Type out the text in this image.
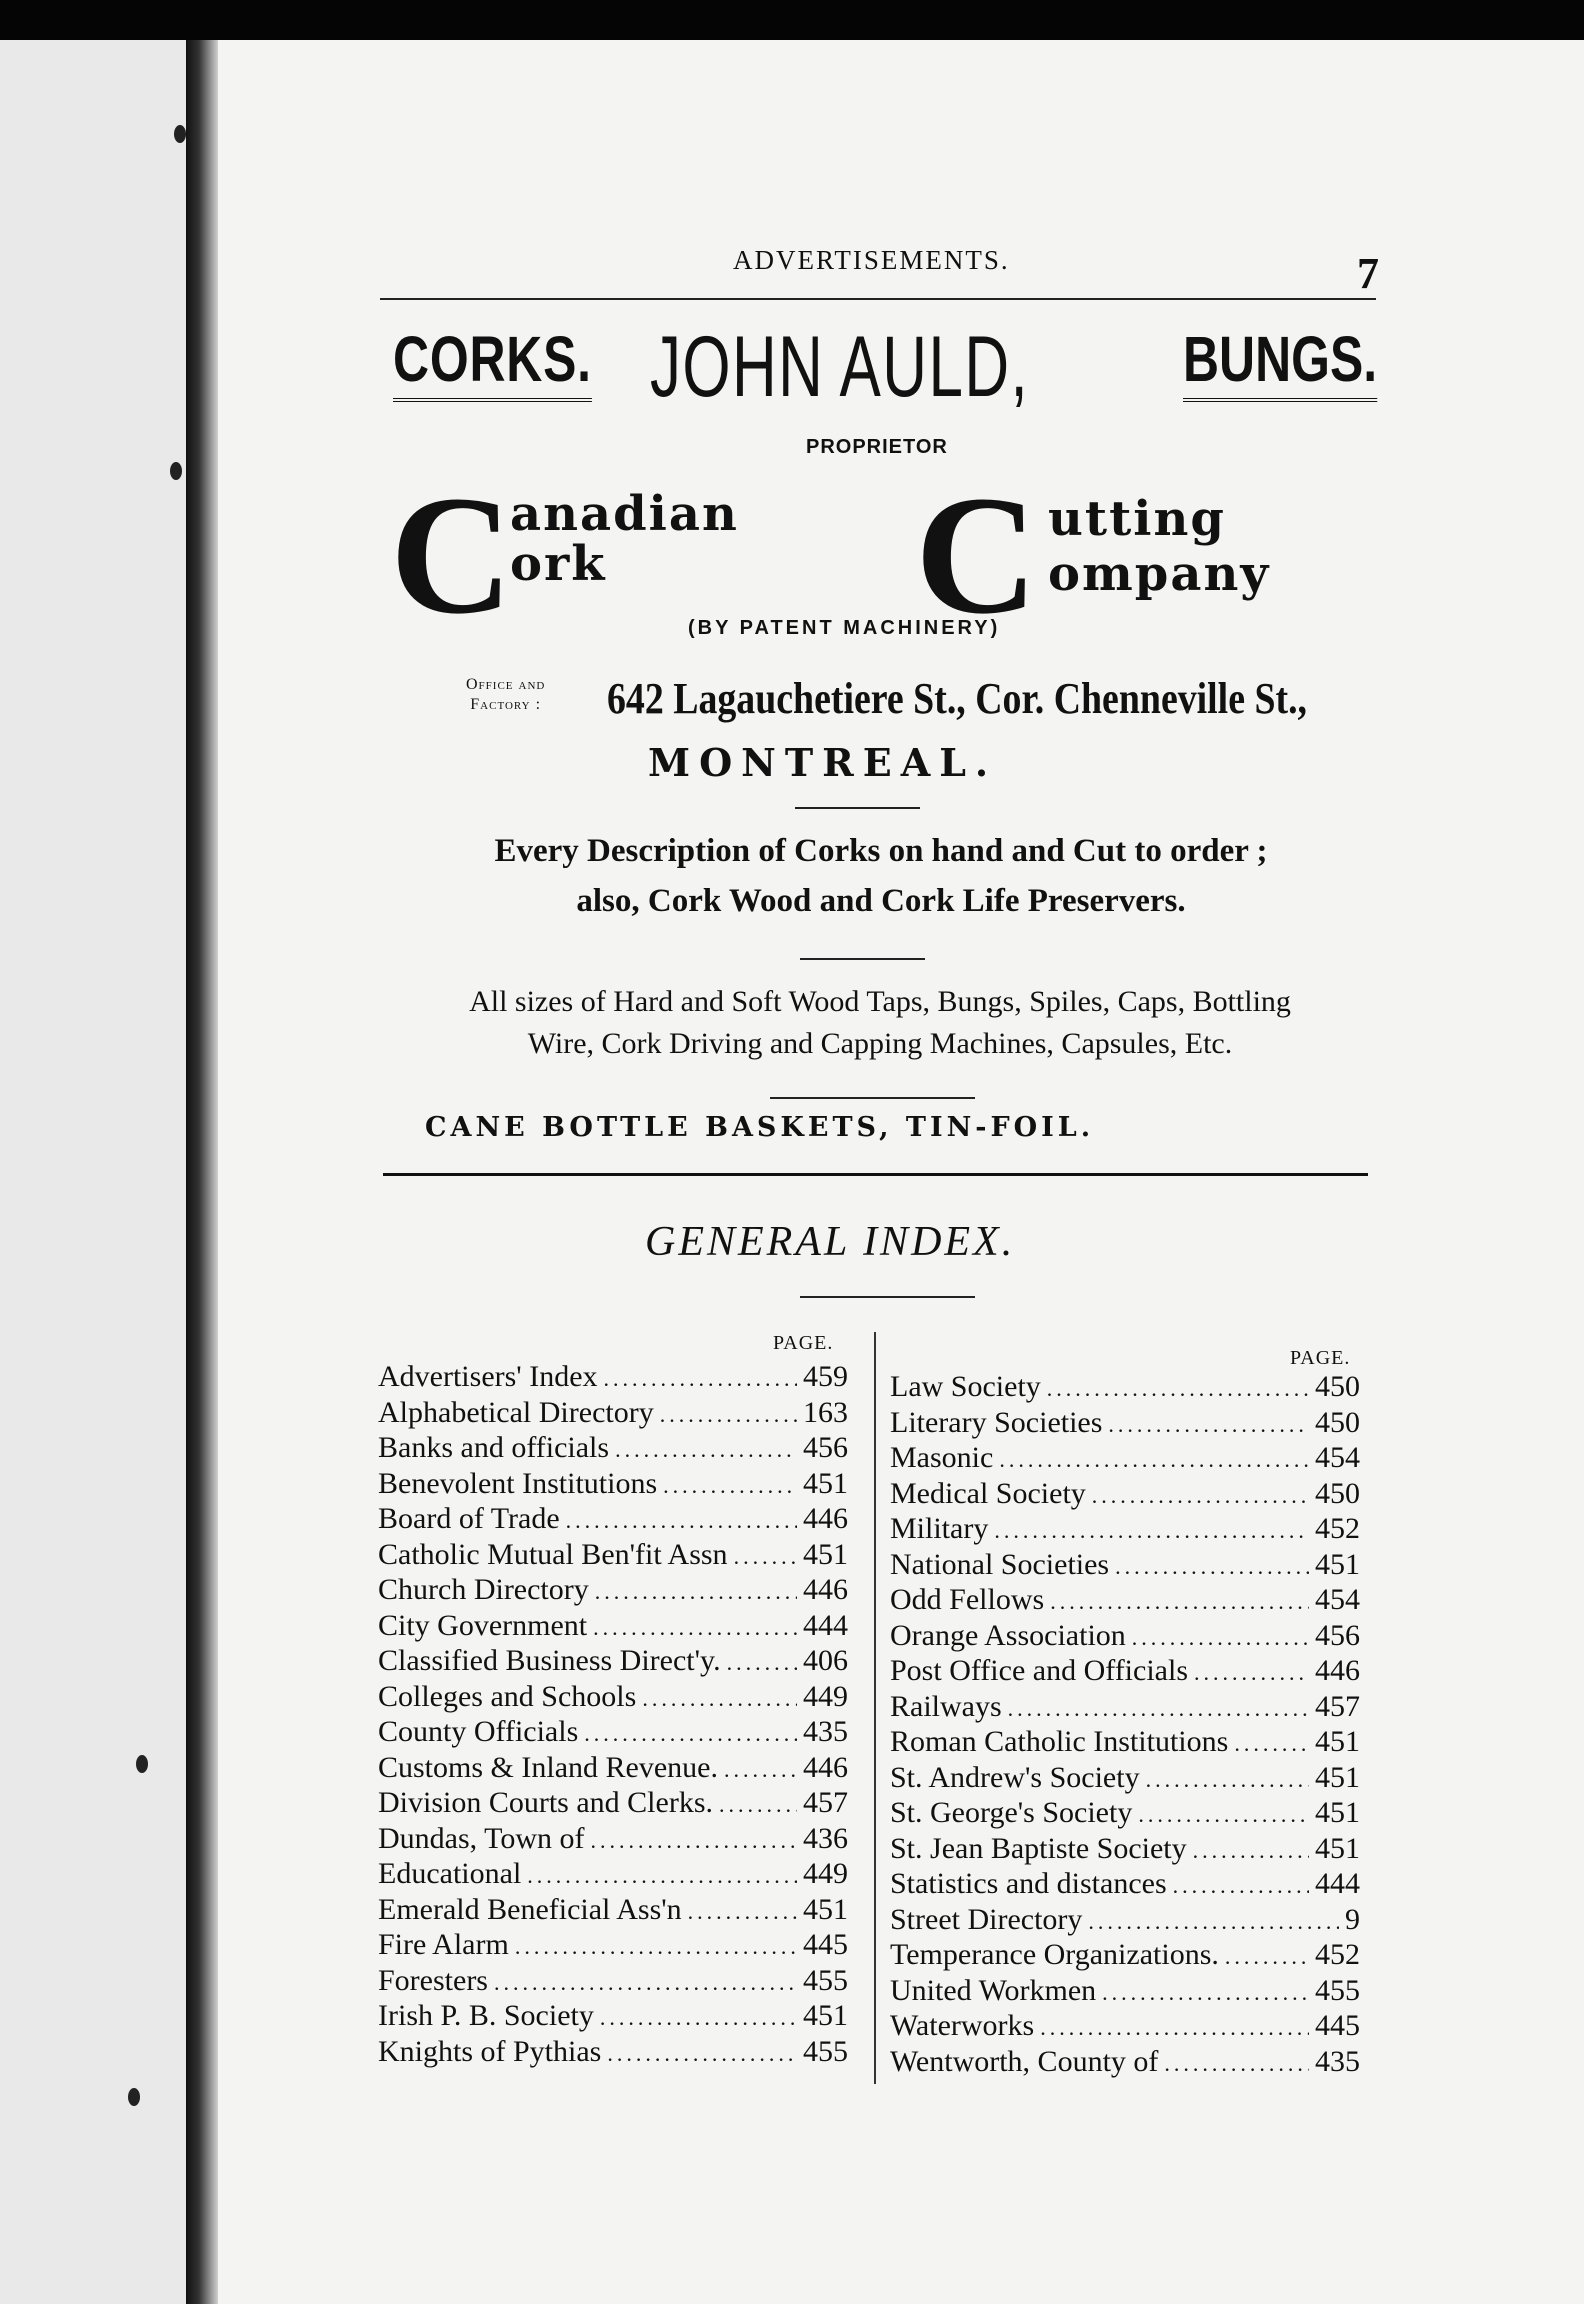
ADVERTISEMENTS.	7
CORKS. JOHN AULD, BUNGS.
PROPRIETOR
C
anadian
ork C utting
ompany
(BY PATENT MACHINERY)
Office and
Factory : 642 Lagauchetiere St., Cor. Chenneville St.,
MONTREAL.
Every Description of Corks on hand and Cut to order ;
also, Cork Wood and Cork Life Preservers.
All sizes of Hard and Soft Wood Taps, Bungs, Spiles, Caps, Bottling
Wire, Cork Driving and Capping Machines, Capsules, Etc.
CANE BOTTLE BASKETS, TIN-FOIL.
GENERAL INDEX.
PAGE.
PAGE.
Advertisers' Index .....	459
Alphabetical Directory .....	163
Banks and officials .....	456
Benevolent Institutions .....	451
Board of Trade .....	446
Catholic Mutual Ben'fit Assn .....	451
Church Directory .....	446
City Government .....	444
Classified Business Direct'y. .....	406
Colleges and Schools .....	449
County Officials .....	435
Customs & Inland Revenue. .....	446
Division Courts and Clerks. .....	457
Dundas, Town of .....	436
Educational .....	449
Emerald Beneficial Ass'n .....	451
Fire Alarm .....	445
Foresters .....	455
Irish P. B. Society .....	451
Knights of Pythias .....	455
Law Society .....	450
Literary Societies .....	450
Masonic .....	454
Medical Society .....	450
Military .....	452
National Societies .....	451
Odd Fellows .....	454
Orange Association .....	456
Post Office and Officials .....	446
Railways .....	457
Roman Catholic Institutions .....	451
St. Andrew's Society .....	451
St. George's Society .....	451
St. Jean Baptiste Society .....	451
Statistics and distances .....	444
Street Directory .....	9
Temperance Organizations. .....	452
United Workmen .....	455
Waterworks .....	445
Wentworth, County of .....	435
